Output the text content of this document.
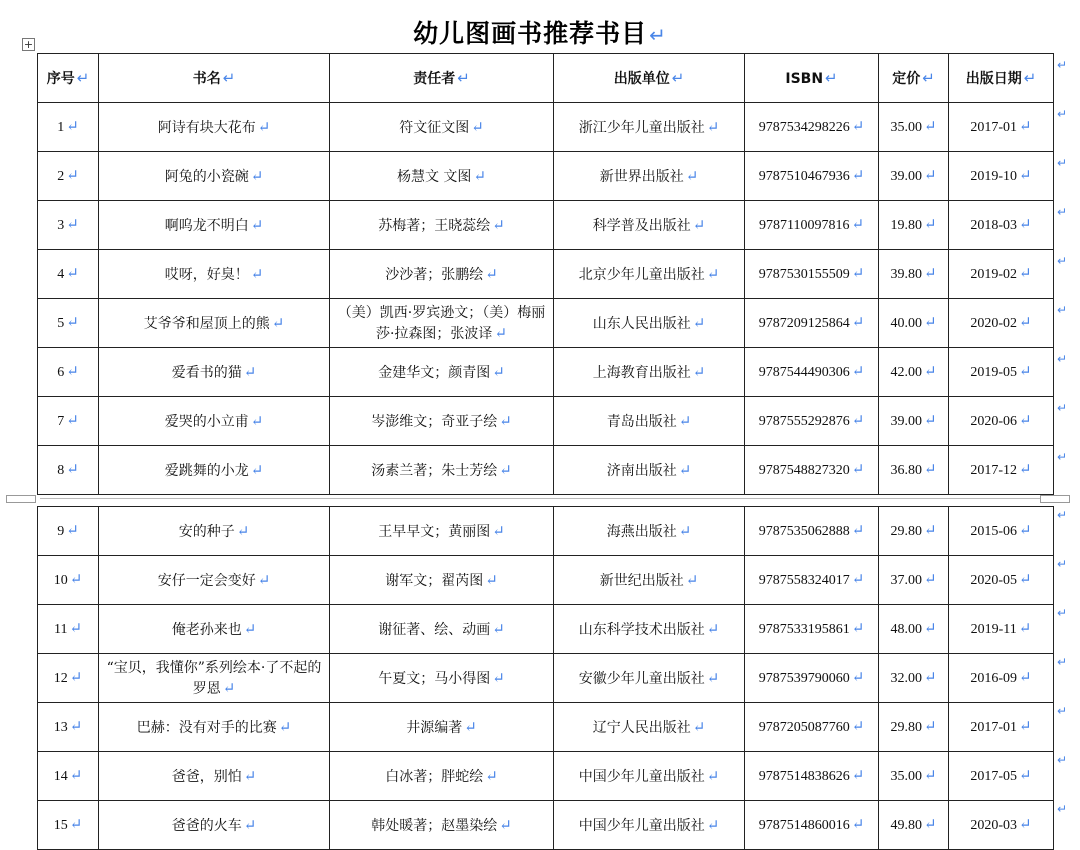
幼儿图画书推荐书目 ↵
+
序号 ↵	书名 ↵	责任者 ↵	出版单位 ↵	ISBN ↵	定价 ↵	出版日期 ↵
1 ↵	阿诗有块大花布 ↵	符文征文图 ↵	浙江少年儿童出版社 ↵	9787534298226 ↵	35.00 ↵	2017-01 ↵
2 ↵	阿兔的小瓷碗 ↵	杨慧文 文图 ↵	新世界出版社 ↵	9787510467936 ↵	39.00 ↵	2019-10 ↵
3 ↵	啊呜龙不明白 ↵	苏梅著；王晓蕊绘 ↵	科学普及出版社 ↵	9787110097816 ↵	19.80 ↵	2018-03 ↵
4 ↵	哎呀，好臭！ ↵	沙沙著；张鹏绘 ↵	北京少年儿童出版社 ↵	9787530155509 ↵	39.80 ↵	2019-02 ↵
5 ↵	艾爷爷和屋顶上的熊 ↵	（美）凯西·罗宾逊文；（美）梅丽莎·拉森图；张波译 ↵	山东人民出版社 ↵	9787209125864 ↵	40.00 ↵	2020-02 ↵
6 ↵	爱看书的猫 ↵	金建华文；颜青图 ↵	上海教育出版社 ↵	9787544490306 ↵	42.00 ↵	2019-05 ↵
7 ↵	爱哭的小立甫 ↵	岑澎维文；奇亚子绘 ↵	青岛出版社 ↵	9787555292876 ↵	39.00 ↵	2020-06 ↵
8 ↵	爱跳舞的小龙 ↵	汤素兰著；朱士芳绘 ↵	济南出版社 ↵	9787548827320 ↵	36.80 ↵	2017-12 ↵
9 ↵	安的种子 ↵	王早早文；黄丽图 ↵	海燕出版社 ↵	9787535062888 ↵	29.80 ↵	2015-06 ↵
10 ↵	安仔一定会变好 ↵	谢军文；翟芮图 ↵	新世纪出版社 ↵	9787558324017 ↵	37.00 ↵	2020-05 ↵
11 ↵	俺老孙来也 ↵	谢征著、绘、动画 ↵	山东科学技术出版社 ↵	9787533195861 ↵	48.00 ↵	2019-11 ↵
12 ↵	“宝贝，我懂你”系列绘本·了不起的罗恩 ↵	午夏文；马小得图 ↵	安徽少年儿童出版社 ↵	9787539790060 ↵	32.00 ↵	2016-09 ↵
13 ↵	巴赫：没有对手的比赛 ↵	井源编著 ↵	辽宁人民出版社 ↵	9787205087760 ↵	29.80 ↵	2017-01 ↵
14 ↵	爸爸，别怕 ↵	白冰著；胖蛇绘 ↵	中国少年儿童出版社 ↵	9787514838626 ↵	35.00 ↵	2017-05 ↵
15 ↵	爸爸的火车 ↵	韩处暖著；赵墨染绘 ↵	中国少年儿童出版社 ↵	9787514860016 ↵	49.80 ↵	2020-03 ↵
↵
↵
↵
↵
↵
↵
↵
↵
↵
↵
↵
↵
↵
↵
↵
↵
